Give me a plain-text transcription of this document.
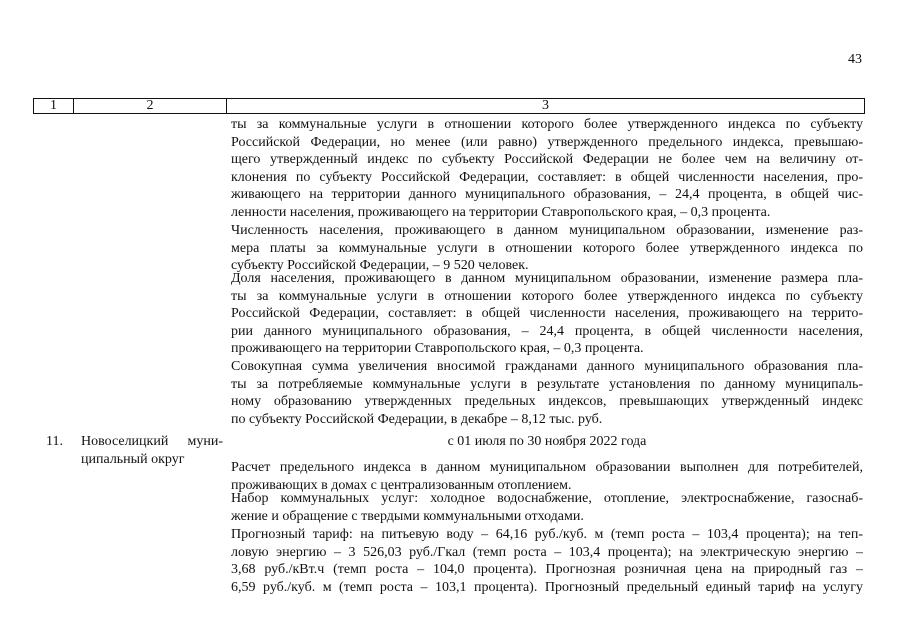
43
1	2	3
ты за коммунальные услуги в отношении которого более утвержденного индекса по субъекту
Российской Федерации, но менее (или равно) утвержденного предельного индекса, превышаю-
щего утвержденный индекс по субъекту Российской Федерации не более чем на величину от-
клонения по субъекту Российской Федерации, составляет: в общей численности населения, про-
живающего на территории данного муниципального образования, – 24,4 процента, в общей чис-
ленности населения, проживающего на территории Ставропольского края, – 0,3 процента.
Численность населения, проживающего в данном муниципальном образовании, изменение раз-
мера платы за коммунальные услуги в отношении которого более утвержденного индекса по
субъекту Российской Федерации, – 9 520 человек.
Доля населения, проживающего в данном муниципальном образовании, изменение размера пла-
ты за коммунальные услуги в отношении которого более утвержденного индекса по субъекту
Российской Федерации, составляет: в общей численности населения, проживающего на террито-
рии данного муниципального образования, – 24,4 процента, в общей численности населения,
проживающего на территории Ставропольского края, – 0,3 процента.
Совокупная сумма увеличения вносимой гражданами данного муниципального образования пла-
ты за потребляемые коммунальные услуги в результате установления по данному муниципаль-
ному образованию утвержденных предельных индексов, превышающих утвержденный индекс
по субъекту Российской Федерации, в декабре – 8,12 тыс. руб.
11. Новоселицкий муни-
ципальный округ
с 01 июля по 30 ноября 2022 года
Расчет предельного индекса в данном муниципальном образовании выполнен для потребителей,
проживающих в домах с централизованным отоплением.
Набор коммунальных услуг: холодное водоснабжение, отопление, электроснабжение, газоснаб-
жение и обращение с твердыми коммунальными отходами.
Прогнозный тариф: на питьевую воду – 64,16 руб./куб. м (темп роста – 103,4 процента); на теп-
ловую энергию – 3 526,03 руб./Гкал (темп роста – 103,4 процента); на электрическую энергию –
3,68 руб./кВт.ч (темп роста – 104,0 процента). Прогнозная розничная цена на природный газ –
6,59 руб./куб. м (темп роста – 103,1 процента). Прогнозный предельный единый тариф на услугу
